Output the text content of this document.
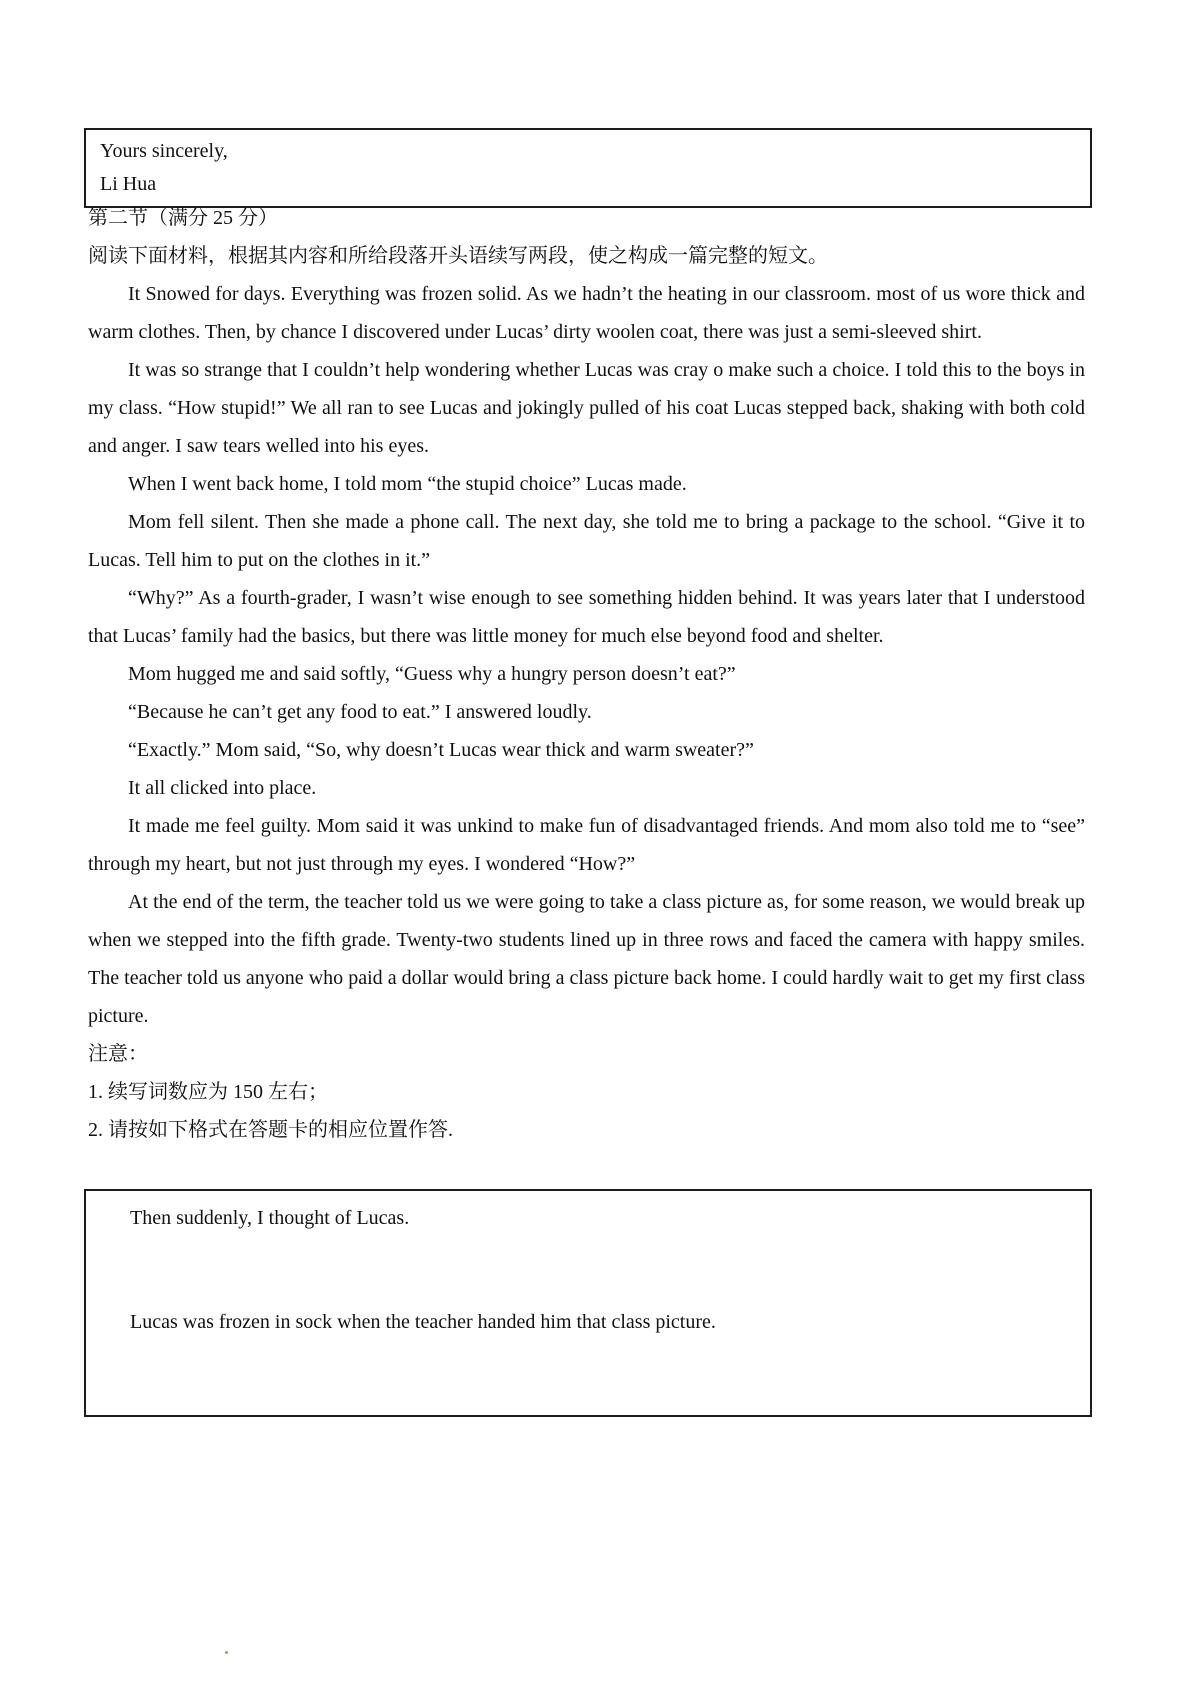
Yours sincerely,

Li Hua

第二节（满分 25 分）

阅读下面材料，根据其内容和所给段落开头语续写两段，使之构成一篇完整的短文。

It Snowed for days. Everything was frozen solid. As we hadn’t the heating in our classroom. most of us wore thick and warm clothes. Then, by chance I discovered under Lucas’ dirty woolen coat, there was just a semi-sleeved shirt.

It was so strange that I couldn’t help wondering whether Lucas was cray o make such a choice. I told this to the boys in my class. “How stupid!” We all ran to see Lucas and jokingly pulled of his coat Lucas stepped back, shaking with both cold and anger. I saw tears welled into his eyes.

When I went back home, I told mom “the stupid choice” Lucas made.

Mom fell silent. Then she made a phone call. The next day, she told me to bring a package to the school. “Give it to Lucas. Tell him to put on the clothes in it.”

“Why?” As a fourth-grader, I wasn’t wise enough to see something hidden behind. It was years later that I understood that Lucas’ family had the basics, but there was little money for much else beyond food and shelter.

Mom hugged me and said softly, “Guess why a hungry person doesn’t eat?”

“Because he can’t get any food to eat.” I answered loudly.

“Exactly.” Mom said, “So, why doesn’t Lucas wear thick and warm sweater?”

It all clicked into place.

It made me feel guilty. Mom said it was unkind to make fun of disadvantaged friends. And mom also told me to “see” through my heart, but not just through my eyes. I wondered “How?”

At the end of the term, the teacher told us we were going to take a class picture as, for some reason, we would break up when we stepped into the fifth grade. Twenty-two students lined up in three rows and faced the camera with happy smiles. The teacher told us anyone who paid a dollar would bring a class picture back home. I could hardly wait to get my first class picture.

注意：

1. 续写词数应为 150 左右；

2. 请按如下格式在答题卡的相应位置作答.

Then suddenly, I thought of Lucas.

Lucas was frozen in sock when the teacher handed him that class picture.
